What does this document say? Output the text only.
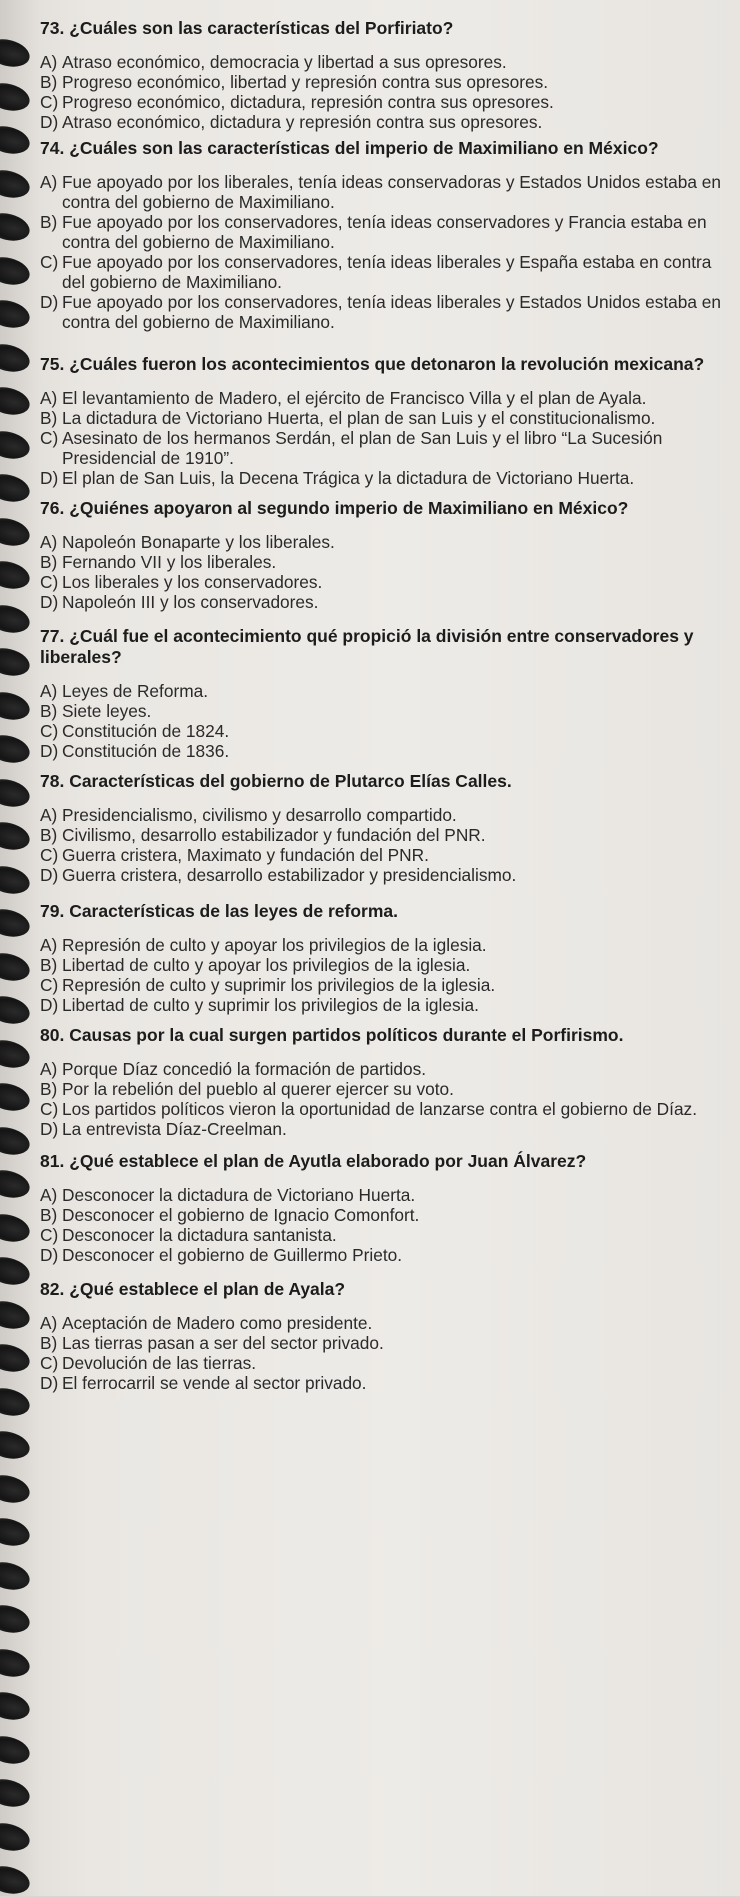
73. ¿Cuáles son las características del Porfiriato?
A) Atraso económico, democracia y libertad a sus opresores.
B) Progreso económico, libertad y represión contra sus opresores.
C) Progreso económico, dictadura, represión contra sus opresores.
D) Atraso económico, dictadura y represión contra sus opresores.
74. ¿Cuáles son las características del imperio de Maximiliano en México?
A) Fue apoyado por los liberales, tenía ideas conservadoras y Estados Unidos estaba en contra del gobierno de Maximiliano.
B) Fue apoyado por los conservadores, tenía ideas conservadores y Francia estaba en contra del gobierno de Maximiliano.
C) Fue apoyado por los conservadores, tenía ideas liberales y España estaba en contra del gobierno de Maximiliano.
D) Fue apoyado por los conservadores, tenía ideas liberales y Estados Unidos estaba en contra del gobierno de Maximiliano.
75. ¿Cuáles fueron los acontecimientos que detonaron la revolución mexicana?
A) El levantamiento de Madero, el ejército de Francisco Villa y el plan de Ayala.
B) La dictadura de Victoriano Huerta, el plan de san Luis y el constitucionalismo.
C) Asesinato de los hermanos Serdán, el plan de San Luis y el libro “La Sucesión Presidencial de 1910”.
D) El plan de San Luis, la Decena Trágica y la dictadura de Victoriano Huerta.
76. ¿Quiénes apoyaron al segundo imperio de Maximiliano en México?
A) Napoleón Bonaparte y los liberales.
B) Fernando VII y los liberales.
C) Los liberales y los conservadores.
D) Napoleón III y los conservadores.
77. ¿Cuál fue el acontecimiento qué propició la división entre conservadores y liberales?
A) Leyes de Reforma.
B) Siete leyes.
C) Constitución de 1824.
D) Constitución de 1836.
78. Características del gobierno de Plutarco Elías Calles.
A) Presidencialismo, civilismo y desarrollo compartido.
B) Civilismo, desarrollo estabilizador y fundación del PNR.
C) Guerra cristera, Maximato y fundación del PNR.
D) Guerra cristera, desarrollo estabilizador y presidencialismo.
79. Características de las leyes de reforma.
A) Represión de culto y apoyar los privilegios de la iglesia.
B) Libertad de culto y apoyar los privilegios de la iglesia.
C) Represión de culto y suprimir los privilegios de la iglesia.
D) Libertad de culto y suprimir los privilegios de la iglesia.
80. Causas por la cual surgen partidos políticos durante el Porfirismo.
A) Porque Díaz concedió la formación de partidos.
B) Por la rebelión del pueblo al querer ejercer su voto.
C) Los partidos políticos vieron la oportunidad de lanzarse contra el gobierno de Díaz.
D) La entrevista Díaz-Creelman.
81. ¿Qué establece el plan de Ayutla elaborado por Juan Álvarez?
A) Desconocer la dictadura de Victoriano Huerta.
B) Desconocer el gobierno de Ignacio Comonfort.
C) Desconocer la dictadura santanista.
D) Desconocer el gobierno de Guillermo Prieto.
82. ¿Qué establece el plan de Ayala?
A) Aceptación de Madero como presidente.
B) Las tierras pasan a ser del sector privado.
C) Devolución de las tierras.
D) El ferrocarril se vende al sector privado.
